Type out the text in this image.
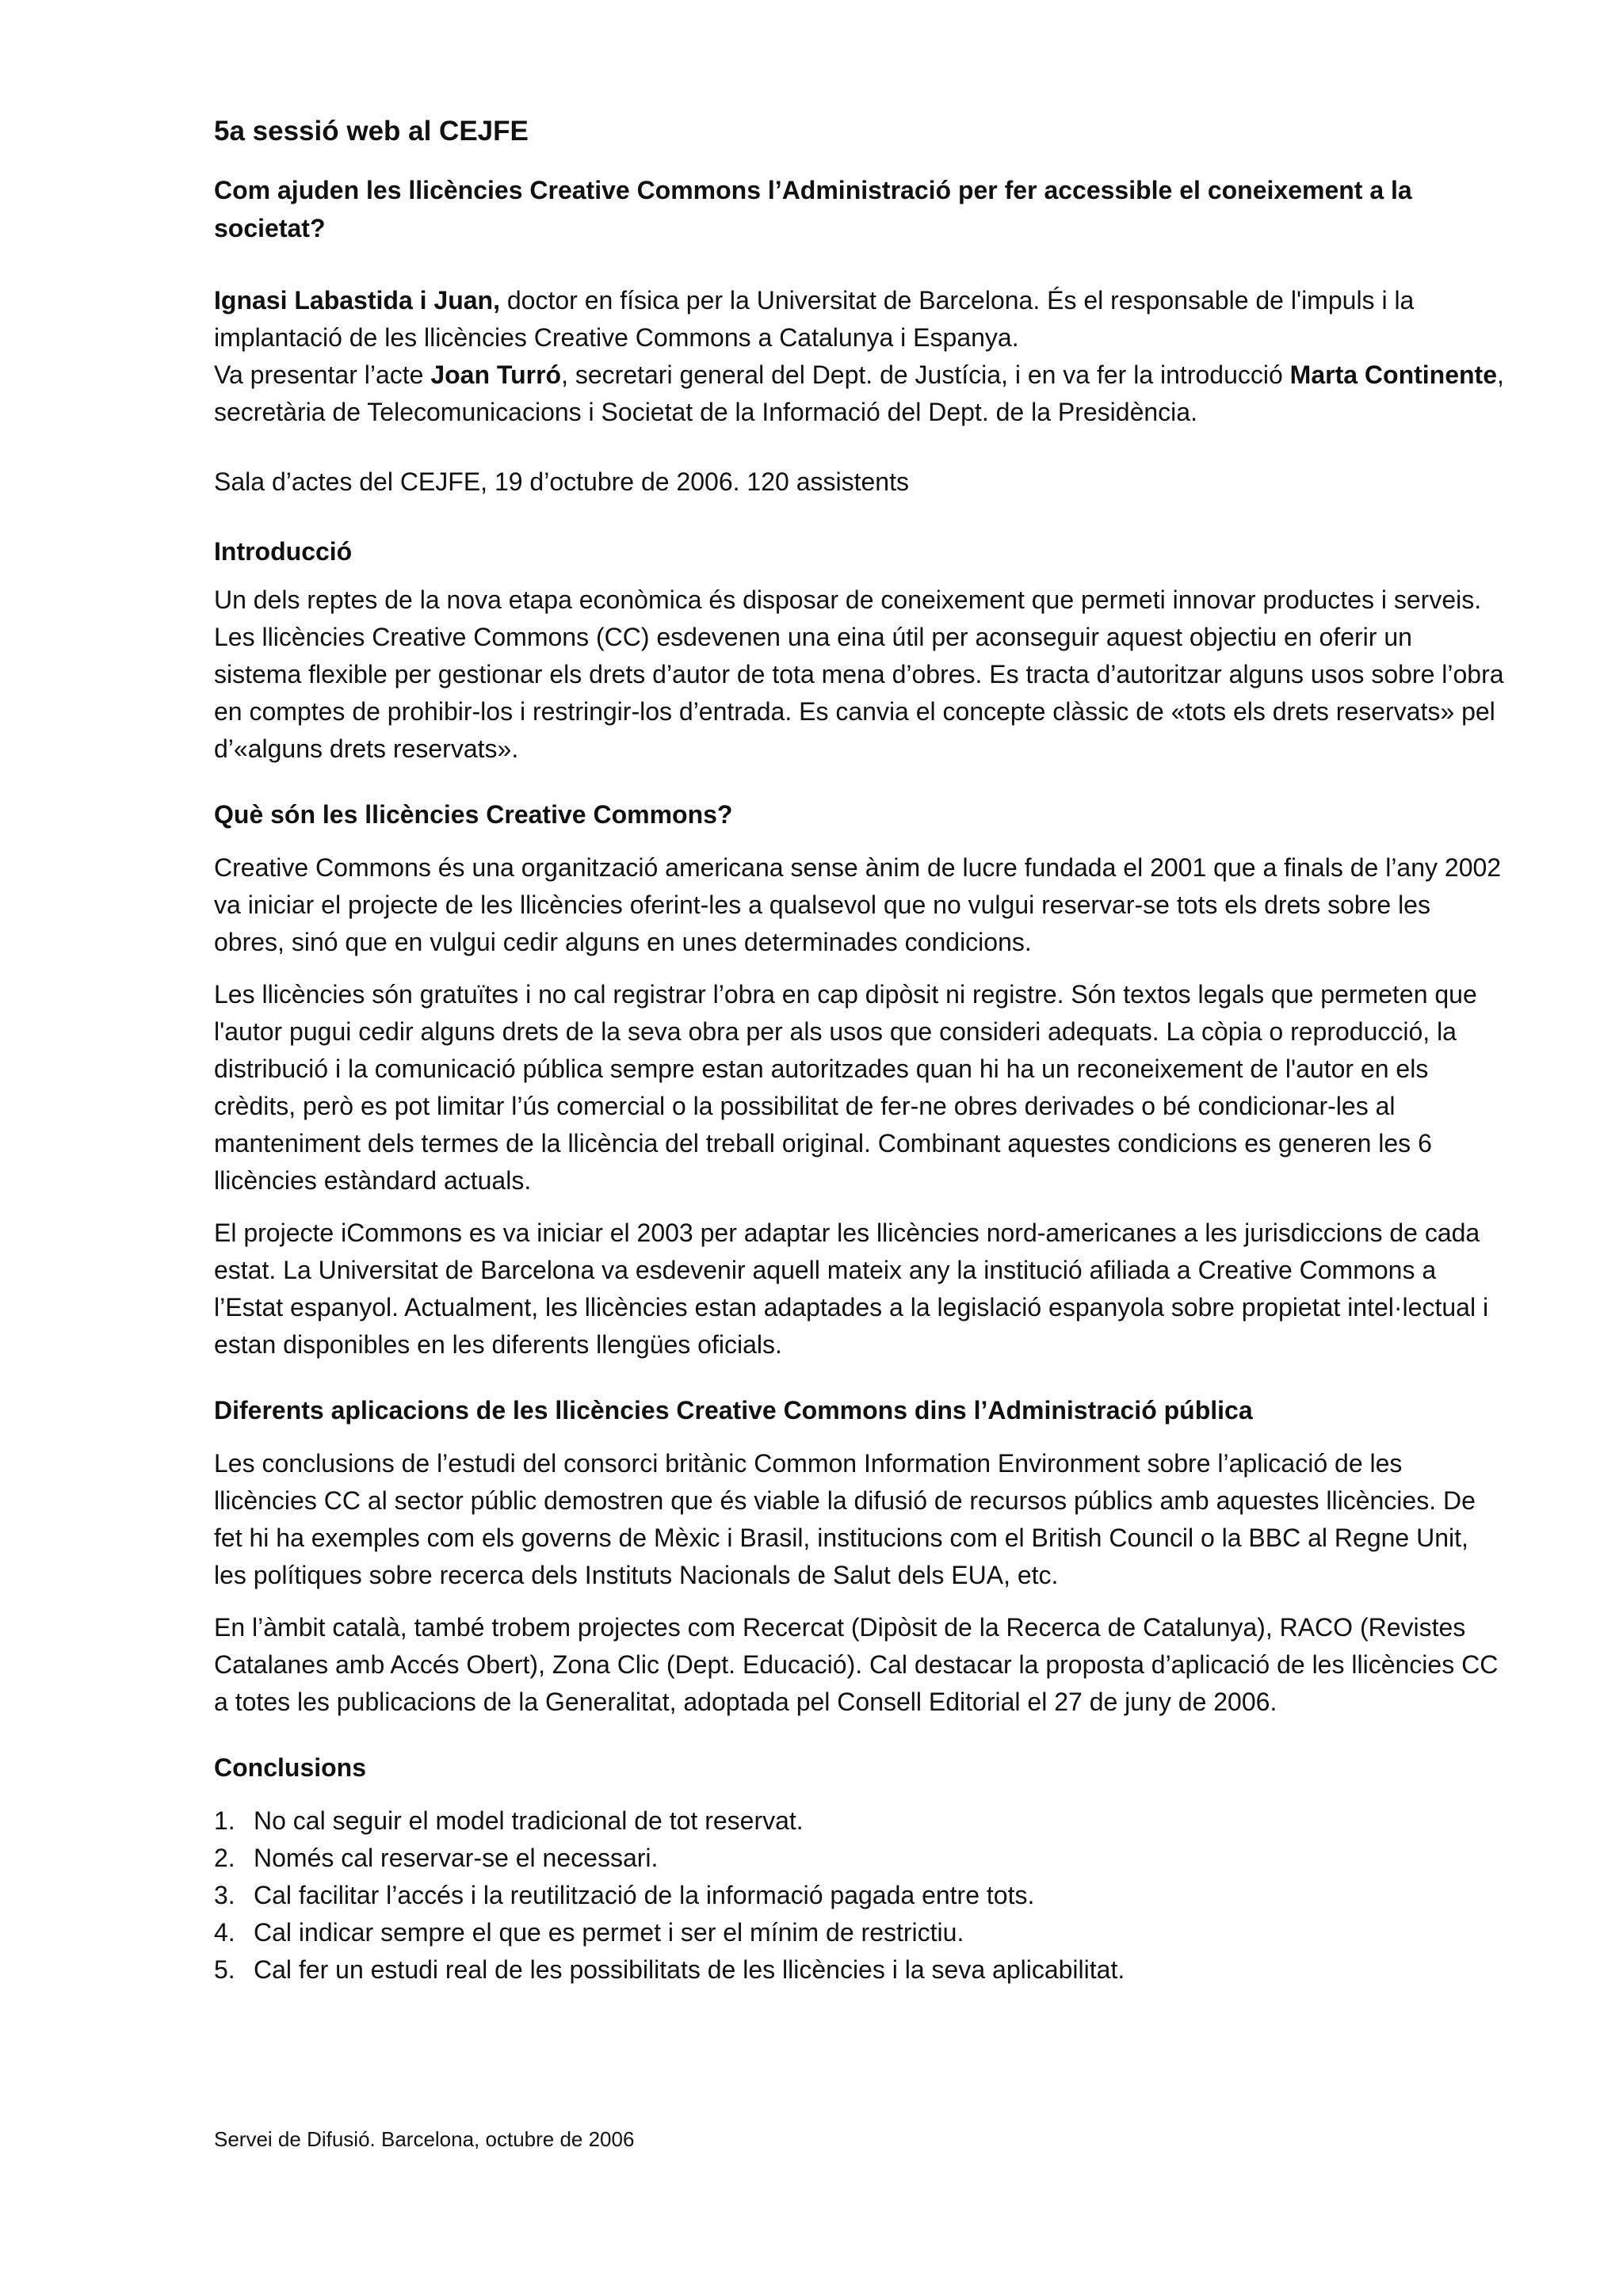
5a sessió web al CEJFE

Com ajuden les llicències Creative Commons l’Administració per fer accessible el coneixement a la societat?

Ignasi Labastida i Juan, doctor en física per la Universitat de Barcelona. És el responsable de l'impuls i la implantació de les llicències Creative Commons a Catalunya i Espanya.

Va presentar l’acte Joan Turró, secretari general del Dept. de Justícia, i en va fer la introducció Marta Continente, secretària de Telecomunicacions i Societat de la Informació del Dept. de la Presidència.

Sala d’actes del CEJFE, 19 d’octubre de 2006. 120 assistents

Introducció

Un dels reptes de la nova etapa econòmica és disposar de coneixement que permeti innovar productes i serveis. Les llicències Creative Commons (CC) esdevenen una eina útil per aconseguir aquest objectiu en oferir un sistema flexible per gestionar els drets d’autor de tota mena d’obres. Es tracta d’autoritzar alguns usos sobre l’obra en comptes de prohibir-los i restringir-los d’entrada. Es canvia el concepte clàssic de «tots els drets reservats» pel d’«alguns drets reservats».

Què són les llicències Creative Commons?

Creative Commons és una organització americana sense ànim de lucre fundada el 2001 que a finals de l’any 2002 va iniciar el projecte de les llicències oferint-les a qualsevol que no vulgui reservar-se tots els drets sobre les obres, sinó que en vulgui cedir alguns en unes determinades condicions.

Les llicències són gratuïtes i no cal registrar l’obra en cap dipòsit ni registre. Són textos legals que permeten que l'autor pugui cedir alguns drets de la seva obra per als usos que consideri adequats. La còpia o reproducció, la distribució i la comunicació pública sempre estan autoritzades quan hi ha un reconeixement de l'autor en els crèdits, però es pot limitar l’ús comercial o la possibilitat de fer-ne obres derivades o bé condicionar-les al manteniment dels termes de la llicència del treball original. Combinant aquestes condicions es generen les 6 llicències estàndard actuals.

El projecte iCommons es va iniciar el 2003 per adaptar les llicències nord-americanes a les jurisdiccions de cada estat. La Universitat de Barcelona va esdevenir aquell mateix any la institució afiliada a Creative Commons a l’Estat espanyol. Actualment, les llicències estan adaptades a la legislació espanyola sobre propietat intel·lectual i estan disponibles en les diferents llengües oficials.

Diferents aplicacions de les llicències Creative Commons dins l’Administració pública

Les conclusions de l’estudi del consorci britànic Common Information Environment sobre l’aplicació de les llicències CC al sector públic demostren que és viable la difusió de recursos públics amb aquestes llicències. De fet hi ha exemples com els governs de Mèxic i Brasil, institucions com el British Council o la BBC al Regne Unit, les polítiques sobre recerca dels Instituts Nacionals de Salut dels EUA, etc.

En l’àmbit català, també trobem projectes com Recercat (Dipòsit de la Recerca de Catalunya), RACO (Revistes Catalanes amb Accés Obert), Zona Clic (Dept. Educació). Cal destacar la proposta d’aplicació de les llicències CC a totes les publicacions de la Generalitat, adoptada pel Consell Editorial el 27 de juny de 2006.

Conclusions

1. No cal seguir el model tradicional de tot reservat.
2. Només cal reservar-se el necessari.
3. Cal facilitar l’accés i la reutilització de la informació pagada entre tots.
4. Cal indicar sempre el que es permet i ser el mínim de restrictiu.
5. Cal fer un estudi real de les possibilitats de les llicències i la seva aplicabilitat.

Servei de Difusió. Barcelona, octubre de 2006
